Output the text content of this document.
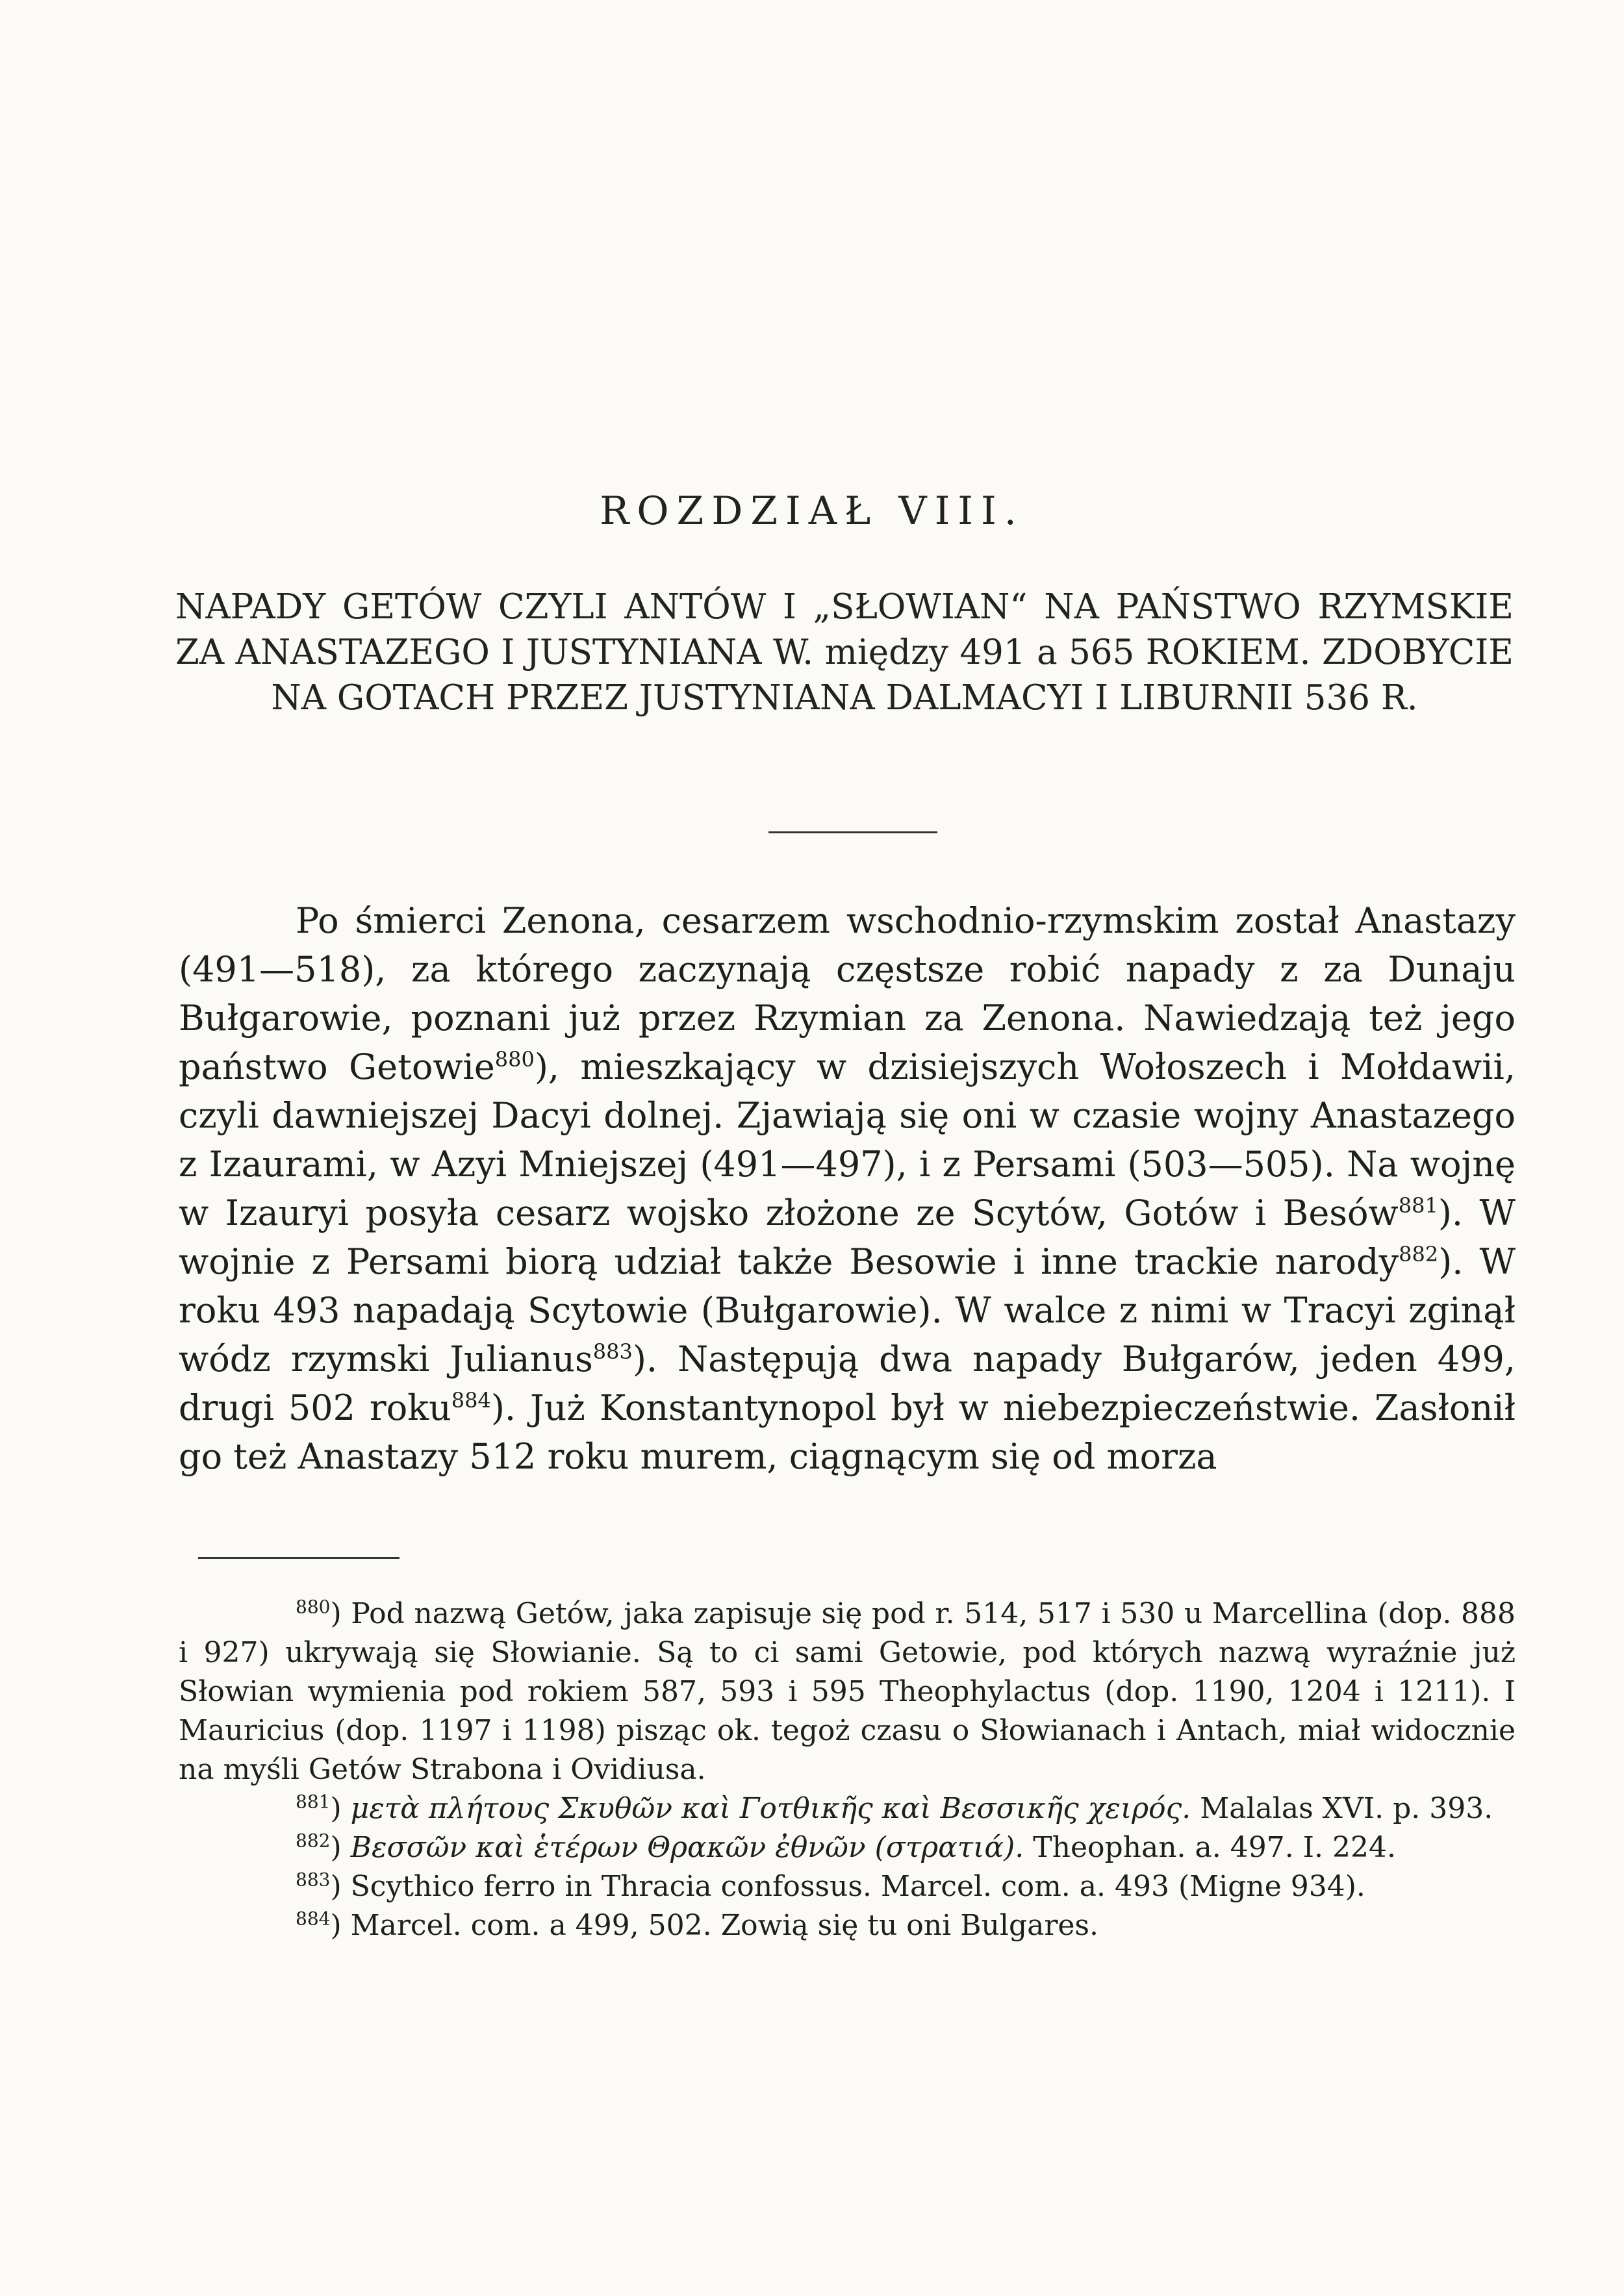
ROZDZIAŁ VIII.
NAPADY GETÓW CZYLI ANTÓW I „SŁOWIAN“ NA PAŃSTWO RZYMSKIE ZA ANASTAZEGO I JUSTYNIANA W. między 491 a 565 ROKIEM. ZDOBYCIE NA GOTACH PRZEZ JUSTYNIANA DALMACYI I LIBURNII 536 R.

Po śmierci Zenona, cesarzem wschodnio-rzymskim został Anastazy (491—518), za którego zaczynają częstsze robić napady z za Dunaju Bułgarowie, poznani już przez Rzymian za Zenona. Nawiedzają też jego państwo Getowie$^{880}$), mieszkający w dzisiejszych Wołoszech i Mołdawii, czyli dawniejszej Dacyi dolnej. Zjawiają się oni w czasie wojny Anastazego z Izaurami, w Azyi Mniejszej (491—497), i z Persami (503—505). Na wojnę w Izauryi posyła cesarz wojsko złożone ze Scytów, Gotów i Besów$^{881}$). W wojnie z Persami biorą udział także Besowie i inne trackie narody$^{882}$). W roku 493 napadają Scytowie (Bułgarowie). W walce z nimi w Tracyi zginął wódz rzymski Julianus$^{883}$). Następują dwa napady Bułgarów, jeden 499, drugi 502 roku$^{884}$). Już Konstantynopol był w niebezpieczeństwie. Zasłonił go też Anastazy 512 roku murem, ciągnącym się od morza

$^{880}$) Pod nazwą Getów, jaka zapisuje się pod r. 514, 517 i 530 u Marcellina (dop. 888 i 927) ukrywają się Słowianie. Są to ci sami Getowie, pod których nazwą wyraźnie już Słowian wymienia pod rokiem 587, 593 i 595 Theophylactus (dop. 1190, 1204 i 1211). I Mauricius (dop. 1197 i 1198) pisząc ok. tegoż czasu o Słowianach i Antach, miał widocznie na myśli Getów Strabona i Ovidiusa.

$^{881}$) μετὰ πλήτους Σκυθῶν καὶ Γοτθικῆς καὶ Βεσσικῆς χειρός. Malalas XVI. p. 393.

$^{882}$) Βεσσῶν καὶ ἑτέρων Θρακῶν ἐθνῶν (στρατιά). Theophan. a. 497. I. 224.

$^{883}$) Scythico ferro in Thracia confossus. Marcel. com. a. 493 (Migne 934).

$^{884}$) Marcel. com. a 499, 502. Zowią się tu oni Bulgares.
